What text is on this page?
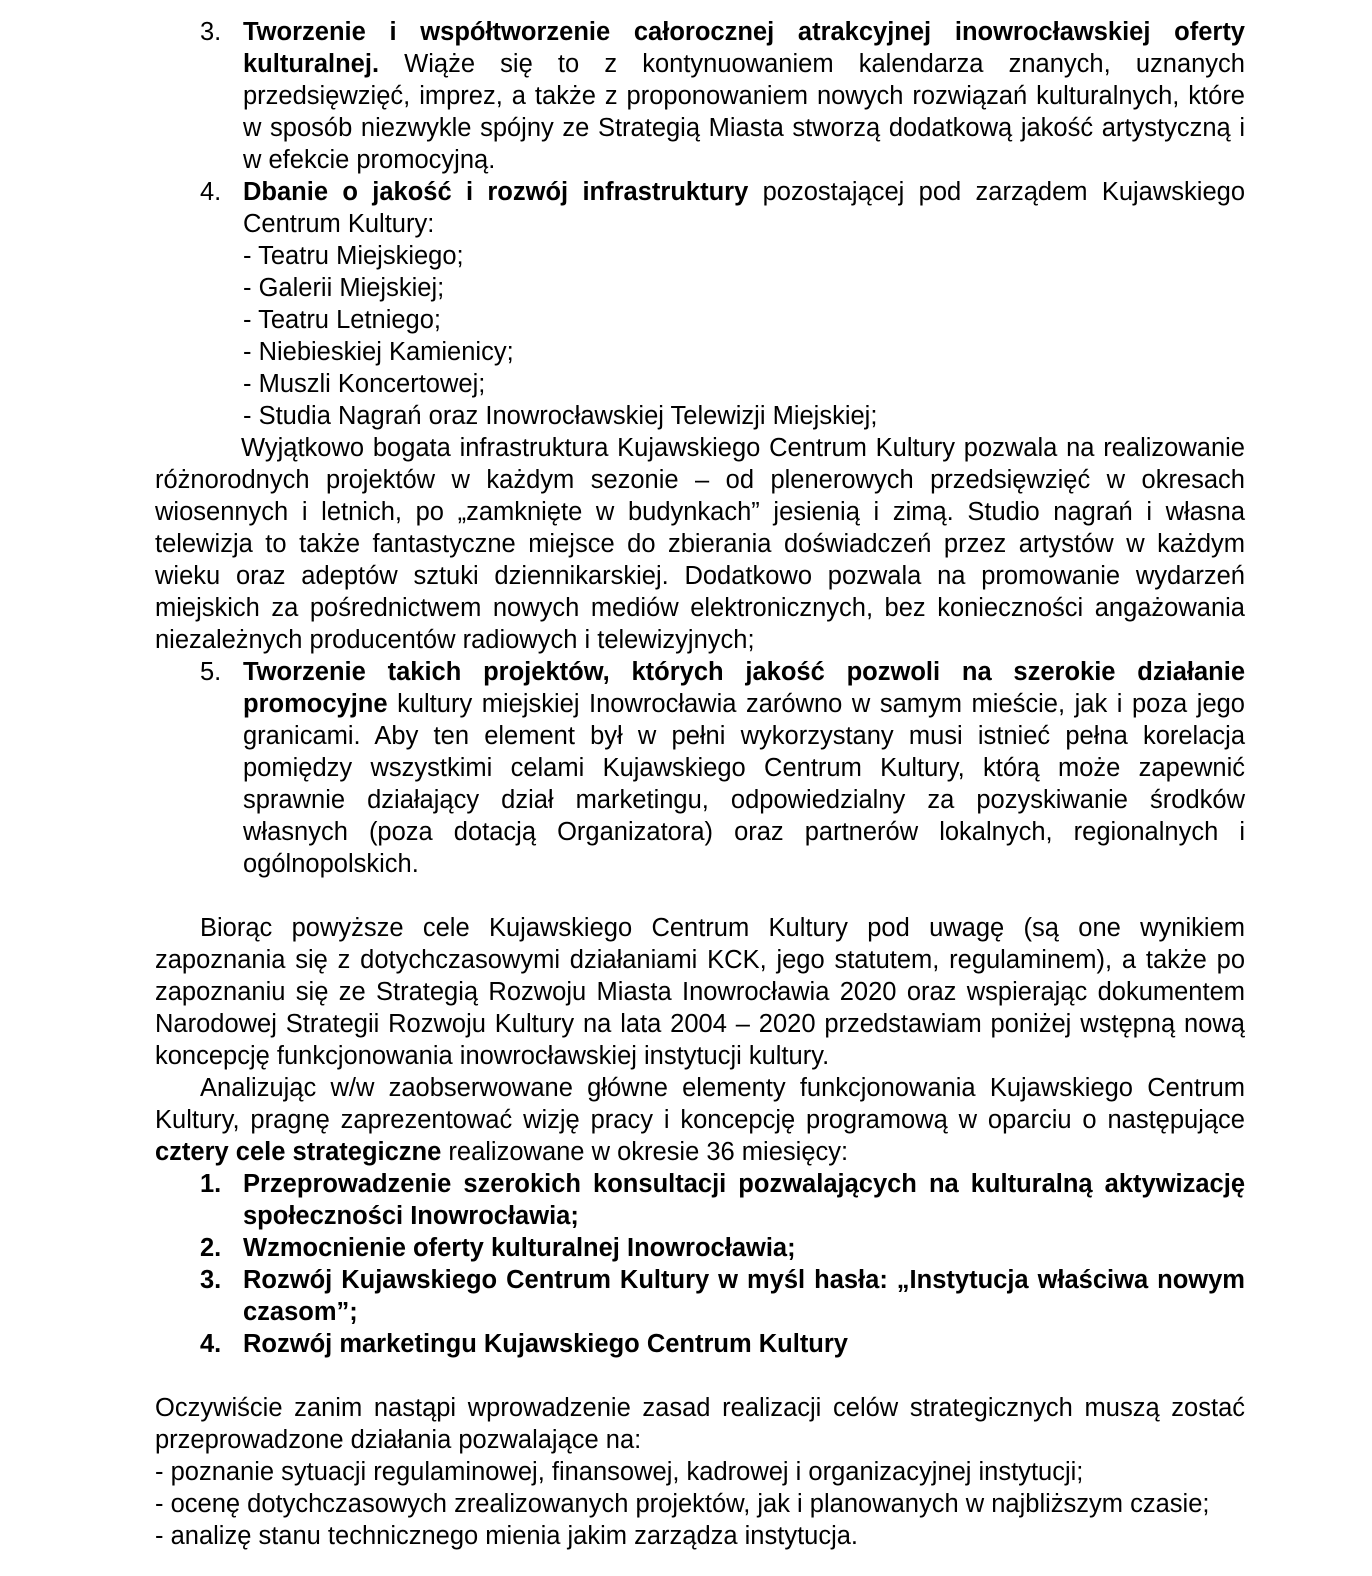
3. Tworzenie i współtworzenie całorocznej atrakcyjnej inowrocławskiej oferty kulturalnej. Wiąże się to z kontynuowaniem kalendarza znanych, uznanych przedsięwzięć, imprez, a także z proponowaniem nowych rozwiązań kulturalnych, które w sposób niezwykle spójny ze Strategią Miasta stworzą dodatkową jakość artystyczną i w efekcie promocyjną.

4. Dbanie o jakość i rozwój infrastruktury pozostającej pod zarządem Kujawskiego Centrum Kultury:

- Teatru Miejskiego;
- Galerii Miejskiej;
- Teatru Letniego;
- Niebieskiej Kamienicy;
- Muszli Koncertowej;
- Studia Nagrań oraz Inowrocławskiej Telewizji Miejskiej;

Wyjątkowo bogata infrastruktura Kujawskiego Centrum Kultury pozwala na realizowanie różnorodnych projektów w każdym sezonie – od plenerowych przedsięwzięć w okresach wiosennych i letnich, po „zamknięte w budynkach” jesienią i zimą. Studio nagrań i własna telewizja to także fantastyczne miejsce do zbierania doświadczeń przez artystów w każdym wieku oraz adeptów sztuki dziennikarskiej. Dodatkowo pozwala na promowanie wydarzeń miejskich za pośrednictwem nowych mediów elektronicznych, bez konieczności angażowania niezależnych producentów radiowych i telewizyjnych;

5. Tworzenie takich projektów, których jakość pozwoli na szerokie działanie promocyjne kultury miejskiej Inowrocławia zarówno w samym mieście, jak i poza jego granicami. Aby ten element był w pełni wykorzystany musi istnieć pełna korelacja pomiędzy wszystkimi celami Kujawskiego Centrum Kultury, którą może zapewnić sprawnie działający dział marketingu, odpowiedzialny za pozyskiwanie środków własnych (poza dotacją Organizatora) oraz partnerów lokalnych, regionalnych i ogólnopolskich.

Biorąc powyższe cele Kujawskiego Centrum Kultury pod uwagę (są one wynikiem zapoznania się z dotychczasowymi działaniami KCK, jego statutem, regulaminem), a także po zapoznaniu się ze Strategią Rozwoju Miasta Inowrocławia 2020 oraz wspierając dokumentem Narodowej Strategii Rozwoju Kultury na lata 2004 – 2020 przedstawiam poniżej wstępną nową koncepcję funkcjonowania inowrocławskiej instytucji kultury.

Analizując w/w zaobserwowane główne elementy funkcjonowania Kujawskiego Centrum Kultury, pragnę zaprezentować wizję pracy i koncepcję programową w oparciu o następujące cztery cele strategiczne realizowane w okresie 36 miesięcy:

1. Przeprowadzenie szerokich konsultacji pozwalających na kulturalną aktywizację społeczności Inowrocławia;

2. Wzmocnienie oferty kulturalnej Inowrocławia;

3. Rozwój Kujawskiego Centrum Kultury w myśl hasła: „Instytucja właściwa nowym czasom”;

4. Rozwój marketingu Kujawskiego Centrum Kultury

Oczywiście zanim nastąpi wprowadzenie zasad realizacji celów strategicznych muszą zostać przeprowadzone działania pozwalające na:

- poznanie sytuacji regulaminowej, finansowej, kadrowej i organizacyjnej instytucji;
- ocenę dotychczasowych zrealizowanych projektów, jak i planowanych w najbliższym czasie;
- analizę stanu technicznego mienia jakim zarządza instytucja.
